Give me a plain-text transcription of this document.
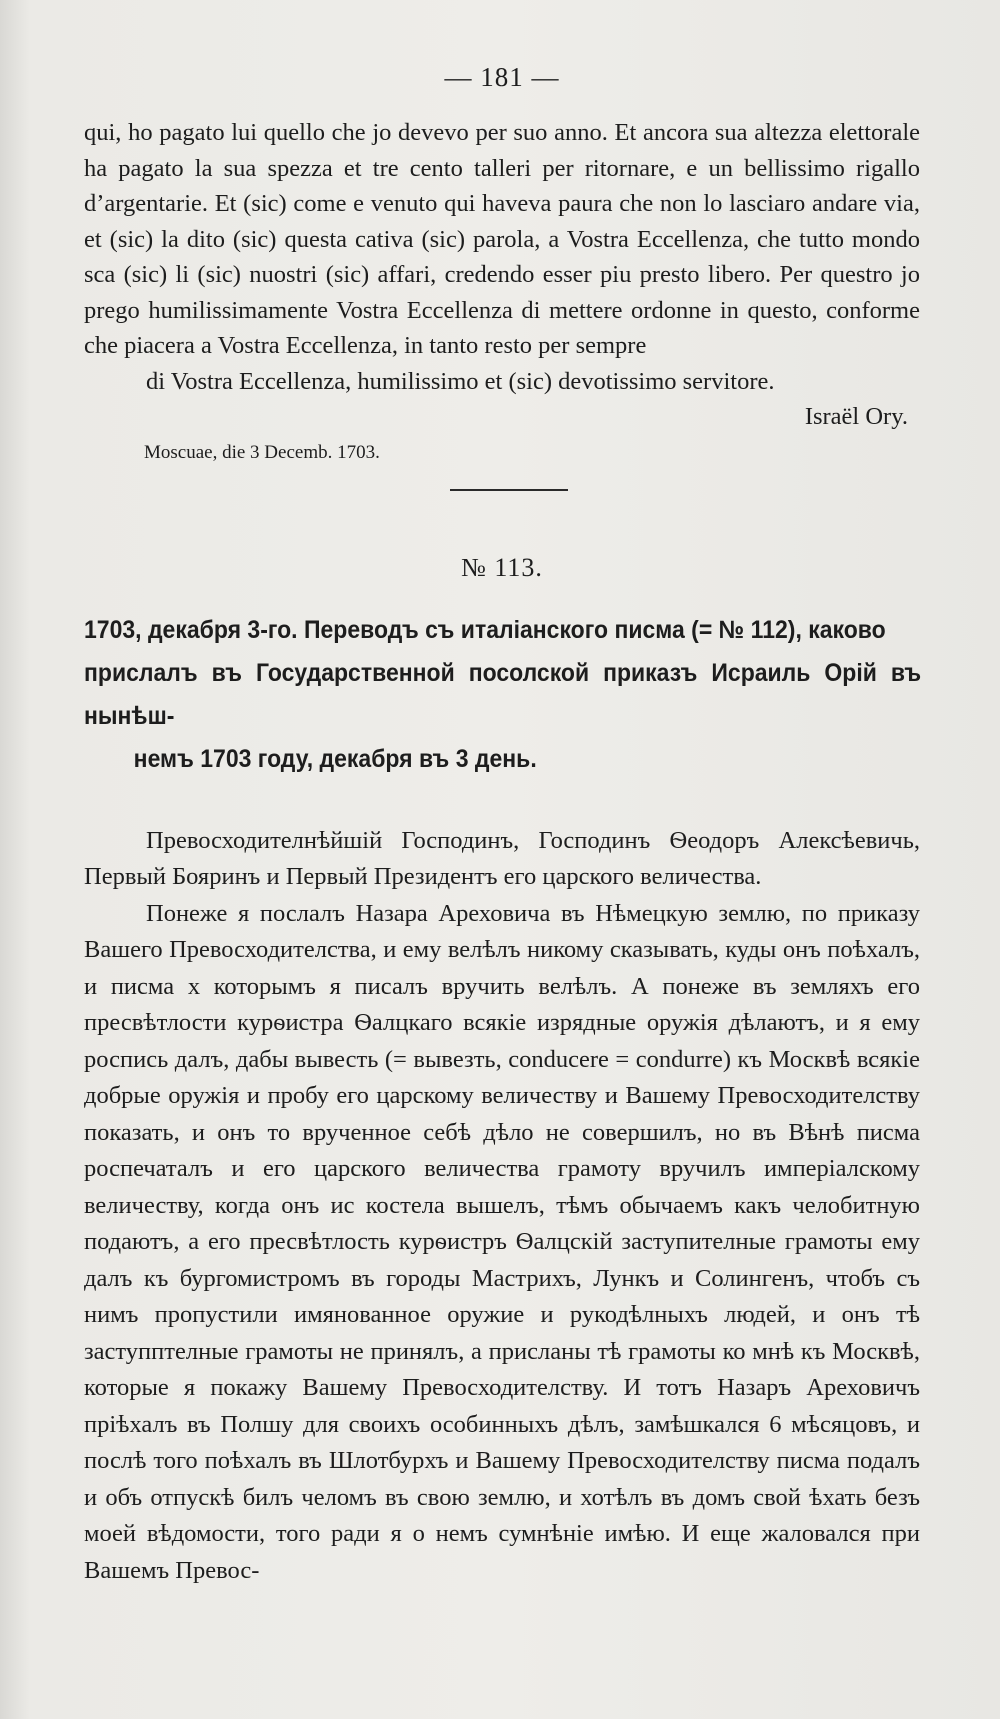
— 181 —

qui, ho pagato lui quello che jo devevo per suo anno. Et ancora sua altezza elettorale ha pagato la sua spezza et tre cento talleri per ritornare, e un bellissimo rigallo d’argentarie. Et (sic) come e venuto qui haveva paura che non lo lasciaro andare via, et (sic) la dito (sic) questa cativa (sic) parola, a Vostra Eccellenza, che tutto mondo sca (sic) li (sic) nuostri (sic) affari, credendo esser piu presto libero. Per questro jo prego humilissimamente Vostra Eccellenza di mettere ordonne in questo, conforme che piacera a Vostra Eccellenza, in tanto resto per sempre

di Vostra Eccellenza, humilissimo et (sic) devotissimo servitore.

Israël Ory.

Moscuae, die 3 Decemb. 1703.

№ 113.
1703, декабря 3-го. Переводъ съ италіанского писма (= № 112), каково
прислалъ въ Государственной посолской приказъ Исраиль Орій въ нынѣш-
немъ 1703 году, декабря въ 3 день.

Превосходителнѣйшій Господинъ, Господинъ Ѳеодоръ Алексѣевичь, Первый Бояринъ и Первый Президентъ его царского величества.

Понеже я послалъ Назара Ареховича въ Нѣмецкую землю, по приказу Вашего Превосходителства, и ему велѣлъ никому сказывать, куды онъ поѣхалъ, и писма х которымъ я писалъ вручить велѣлъ. А понеже въ земляхъ его пресвѣтлости курѳистра Ѳалцкаго всякіе изрядные оружія дѣлаютъ, и я ему роспись далъ, дабы вывесть (= вывезть, conducere = condurre) къ Москвѣ всякіе добрые оружія и пробу его царскому величеству и Вашему Превосходителству показать, и онъ то врученное себѣ дѣло не совершилъ, но въ Вѣнѣ писма роспечаталъ и его царского величества грамоту вручилъ имперіалскому величеству, когда онъ ис костела вышелъ, тѣмъ обычаемъ какъ челобитную подаютъ, а его пресвѣтлость курѳистръ Ѳалцскій заступителные грамоты ему далъ къ бургомистромъ въ городы Мастрихъ, Лункъ и Солингенъ, чтобъ съ нимъ пропустили имянованное оружие и рукодѣлныхъ людей, и онъ тѣ заступптелные грамоты не принялъ, а присланы тѣ грамоты ко мнѣ къ Москвѣ, которые я покажу Вашему Превосходителству. И тотъ Назаръ Ареховичъ пріѣхалъ въ Полшу для своихъ особинныхъ дѣлъ, замѣшкался 6 мѣсяцовъ, и послѣ того поѣхалъ въ Шлотбурхъ и Вашему Превосходителству писма подалъ и объ отпускѣ билъ челомъ въ свою землю, и хотѣлъ въ домъ свой ѣхать безъ моей вѣдомости, того ради я о немъ сумнѣніе имѣю. И еще жаловался при Вашемъ Превос-
